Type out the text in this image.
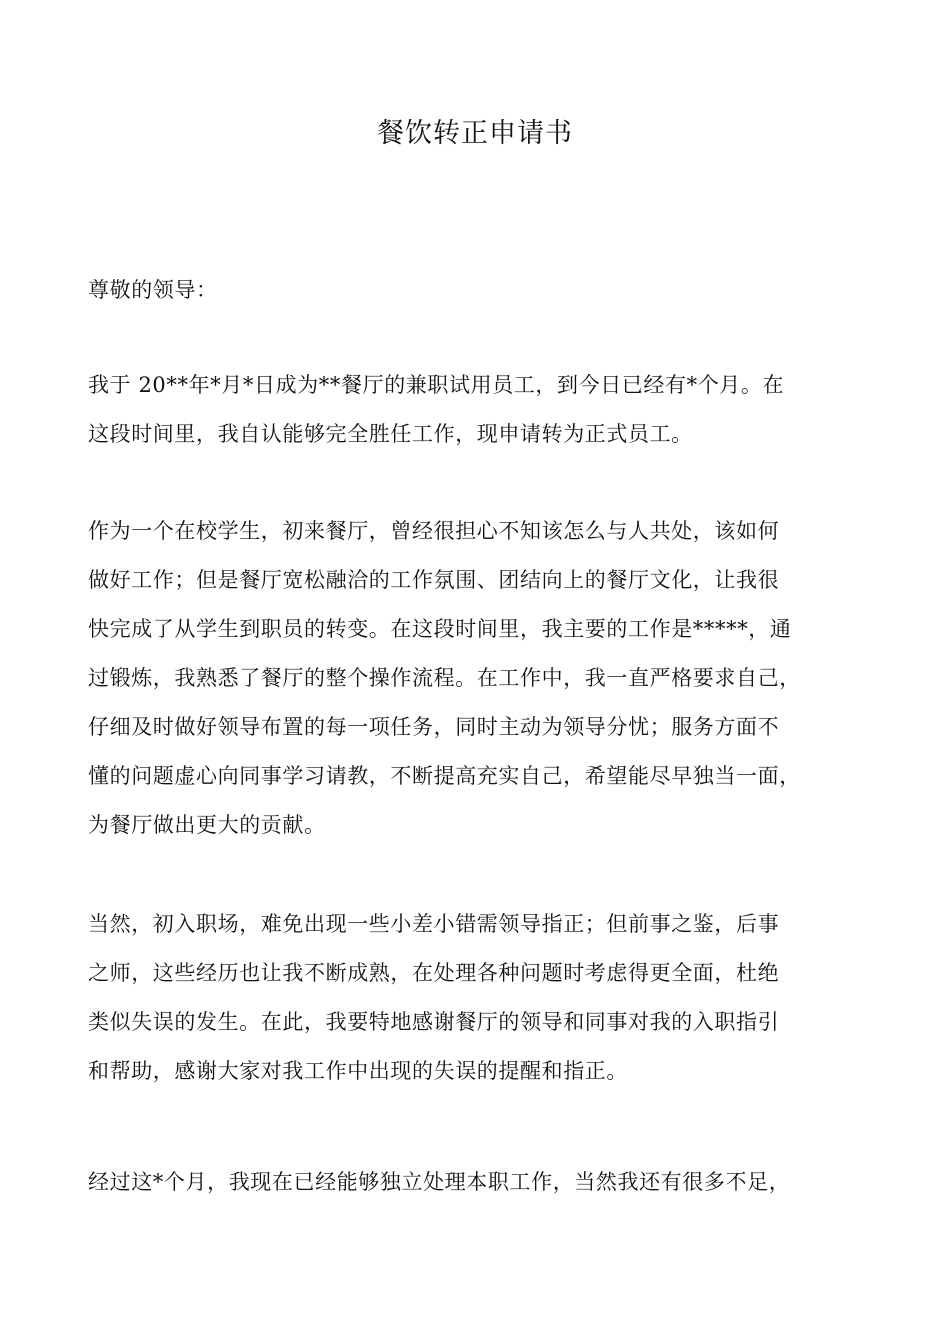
餐饮转正申请书

尊敬的领导：

我于 20**年*月*日成为**餐厅的兼职试用员工，到今日已经有*个月。在
这段时间里，我自认能够完全胜任工作，现申请转为正式员工。

作为一个在校学生，初来餐厅，曾经很担心不知该怎么与人共处，该如何
做好工作；但是餐厅宽松融洽的工作氛围、团结向上的餐厅文化，让我很
快完成了从学生到职员的转变。在这段时间里，我主要的工作是*****，通
过锻炼，我熟悉了餐厅的整个操作流程。在工作中，我一直严格要求自己，
仔细及时做好领导布置的每一项任务，同时主动为领导分忧；服务方面不
懂的问题虚心向同事学习请教，不断提高充实自己，希望能尽早独当一面，
为餐厅做出更大的贡献。

当然，初入职场，难免出现一些小差小错需领导指正；但前事之鉴，后事
之师，这些经历也让我不断成熟，在处理各种问题时考虑得更全面，杜绝
类似失误的发生。在此，我要特地感谢餐厅的领导和同事对我的入职指引
和帮助，感谢大家对我工作中出现的失误的提醒和指正。

经过这*个月，我现在已经能够独立处理本职工作，当然我还有很多不足，
